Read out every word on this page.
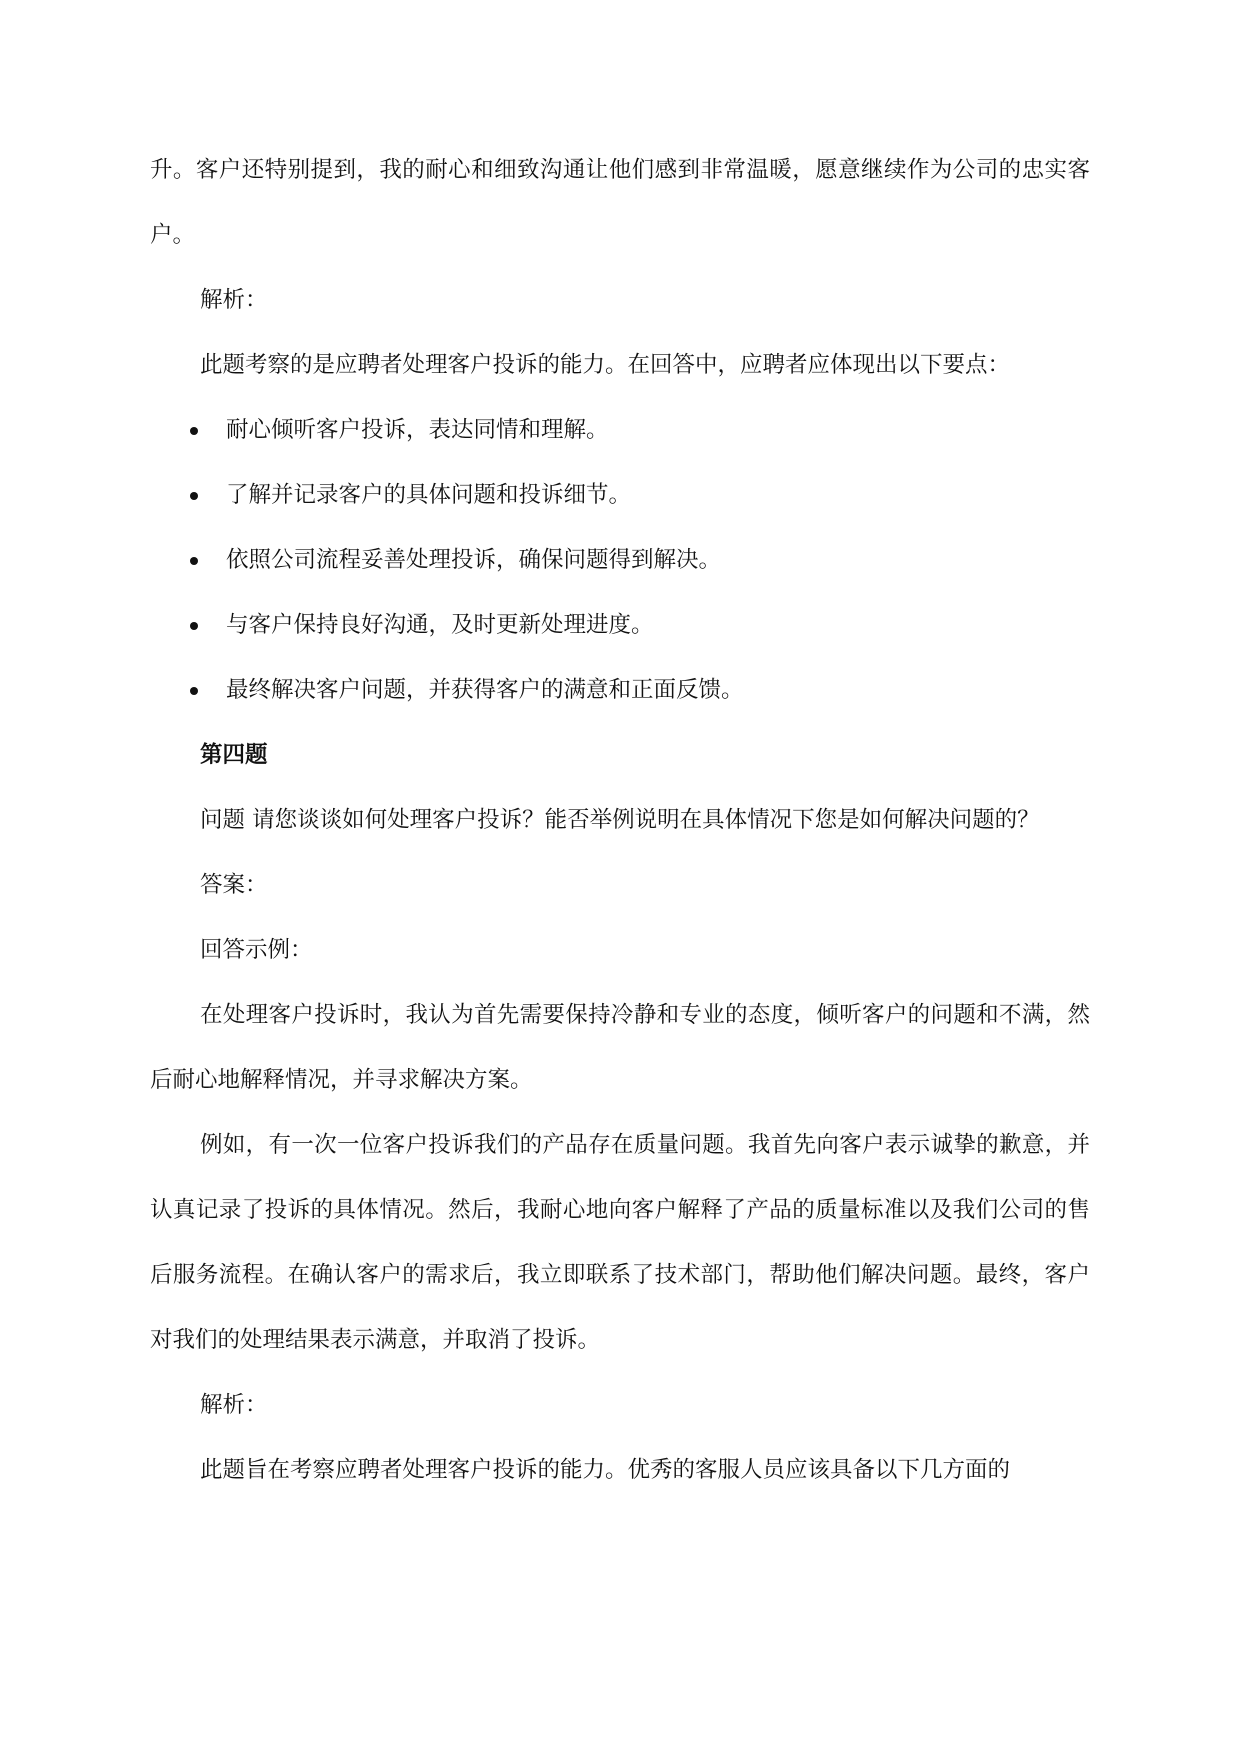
升。客户还特别提到，我的耐心和细致沟通让他们感到非常温暖，愿意继续作为公司的忠实客户。

解析：

此题考察的是应聘者处理客户投诉的能力。在回答中，应聘者应体现出以下要点：

耐心倾听客户投诉，表达同情和理解。
了解并记录客户的具体问题和投诉细节。
依照公司流程妥善处理投诉，确保问题得到解决。
与客户保持良好沟通，及时更新处理进度。
最终解决客户问题，并获得客户的满意和正面反馈。

第四题

问题 请您谈谈如何处理客户投诉？能否举例说明在具体情况下您是如何解决问题的？

答案：

回答示例：

在处理客户投诉时，我认为首先需要保持冷静和专业的态度，倾听客户的问题和不满，然后耐心地解释情况，并寻求解决方案。

例如，有一次一位客户投诉我们的产品存在质量问题。我首先向客户表示诚挚的歉意，并认真记录了投诉的具体情况。然后，我耐心地向客户解释了产品的质量标准以及我们公司的售后服务流程。在确认客户的需求后，我立即联系了技术部门，帮助他们解决问题。最终，客户对我们的处理结果表示满意，并取消了投诉。

解析：

此题旨在考察应聘者处理客户投诉的能力。优秀的客服人员应该具备以下几方面的
